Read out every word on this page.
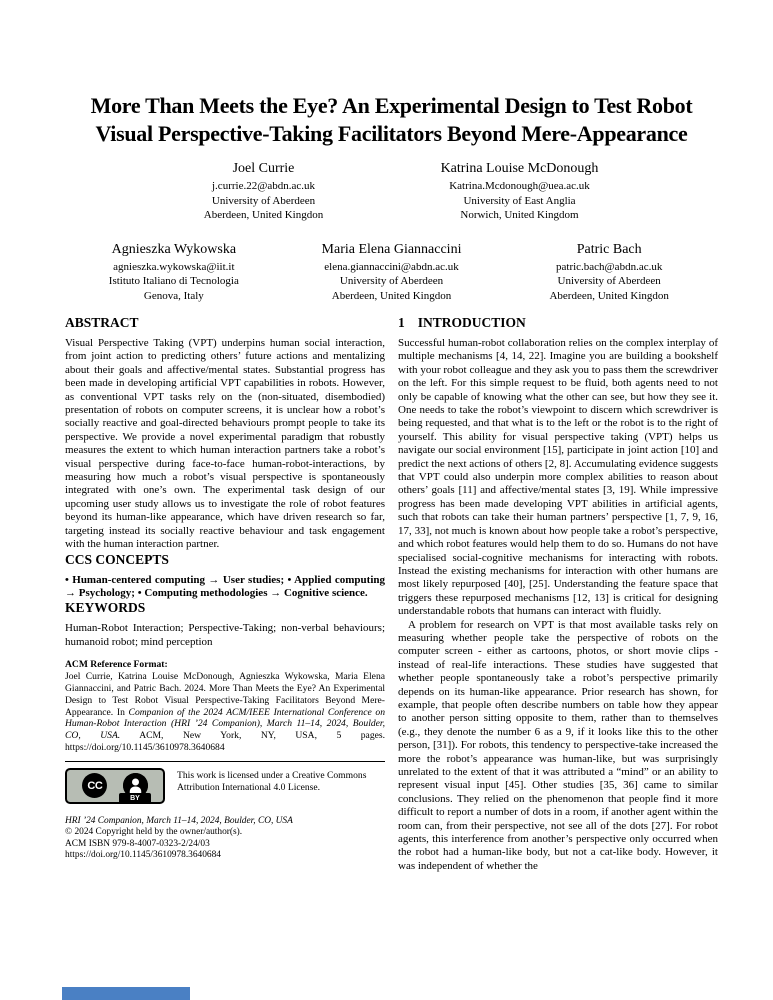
More Than Meets the Eye? An Experimental Design to Test Robot
Visual Perspective-Taking Facilitators Beyond Mere-Appearance
Joel Currie
j.currie.22@abdn.ac.uk
University of Aberdeen
Aberdeen, United Kingdon
Katrina Louise McDonough
Katrina.Mcdonough@uea.ac.uk
University of East Anglia
Norwich, United Kingdom
Agnieszka Wykowska
agnieszka.wykowska@iit.it
Istituto Italiano di Tecnologia
Genova, Italy
Maria Elena Giannaccini
elena.giannaccini@abdn.ac.uk
University of Aberdeen
Aberdeen, United Kingdon
Patric Bach
patric.bach@abdn.ac.uk
University of Aberdeen
Aberdeen, United Kingdon
ABSTRACT

Visual Perspective Taking (VPT) underpins human social interaction, from joint action to predicting others’ future actions and mentalizing about their goals and affective/mental states. Substantial progress has been made in developing artificial VPT capabilities in robots. However, as conventional VPT tasks rely on the (non-situated, disembodied) presentation of robots on computer screens, it is unclear how a robot’s socially reactive and goal-directed behaviours prompt people to take its perspective. We provide a novel experimental paradigm that robustly measures the extent to which human interaction partners take a robot’s visual perspective during face-to-face human-robot-interactions, by measuring how much a robot’s visual perspective is spontaneously integrated with one’s own. The experimental task design of our upcoming user study allows us to investigate the role of robot features beyond its human-like appearance, which have driven research so far, targeting instead its socially reactive behaviour and task engagement with the human interaction partner.

CCS CONCEPTS

• Human-centered computing → User studies; • Applied computing → Psychology; • Computing methodologies → Cognitive science.

KEYWORDS

Human-Robot Interaction; Perspective-Taking; non-verbal behaviours; humanoid robot; mind perception

ACM Reference Format:

Joel Currie, Katrina Louise McDonough, Agnieszka Wykowska, Maria Elena Giannaccini, and Patric Bach. 2024. More Than Meets the Eye? An Experimental Design to Test Robot Visual Perspective-Taking Facilitators Beyond Mere-Appearance. In Companion of the 2024 ACM/IEEE International Conference on Human-Robot Interaction (HRI ’24 Companion), March 11–14, 2024, Boulder, CO, USA. ACM, New York, NY, USA, 5 pages. https://doi.org/10.1145/3610978.3640684

CC
BY

This work is licensed under a Creative Commons Attribution International 4.0 License.

HRI ’24 Companion, March 11–14, 2024, Boulder, CO, USA
© 2024 Copyright held by the owner/author(s).
ACM ISBN 979-8-4007-0323-2/24/03
https://doi.org/10.1145/3610978.3640684
1 INTRODUCTION

Successful human-robot collaboration relies on the complex interplay of multiple mechanisms [4, 14, 22]. Imagine you are building a bookshelf with your robot colleague and they ask you to pass them the screwdriver on the left. For this simple request to be fluid, both agents need to not only be capable of knowing what the other can see, but how they see it. One needs to take the robot’s viewpoint to discern which screwdriver is being requested, and that what is to the left or the robot is to the right of yourself. This ability for visual perspective taking (VPT) helps us navigate our social environment [15], participate in joint action [10] and predict the next actions of others [2, 8]. Accumulating evidence suggests that VPT could also underpin more complex abilities to reason about others’ goals [11] and affective/mental states [3, 19]. While impressive progress has been made developing VPT abilities in artificial agents, such that robots can take their human partners’ perspective [1, 7, 9, 16, 17, 33], not much is known about how people take a robot’s perspective, and which robot features would help them to do so. Humans do not have specialised social-cognitive mechanisms for interacting with robots. Instead the existing mechanisms for interaction with other humans are most likely repurposed [40], [25]. Understanding the feature space that triggers these repurposed mechanisms [12, 13] is critical for designing understandable robots that humans can interact with fluidly.

A problem for research on VPT is that most available tasks rely on measuring whether people take the perspective of robots on the computer screen - either as cartoons, photos, or short movie clips - instead of real-life interactions. These studies have suggested that whether people spontaneously take a robot’s perspective primarily depends on its human-like appearance. Prior research has shown, for example, that people often describe numbers on table how they appear to another person sitting opposite to them, rather than to themselves (e.g., they denote the number 6 as a 9, if it looks like this to the other person, [31]). For robots, this tendency to perspective-take increased the more the robot’s appearance was human-like, but was surprisingly unrelated to the extent of that it was attributed a “mind” or an ability to represent visual input [45]. Other studies [35, 36] came to similar conclusions. They relied on the phenomenon that people find it more difficult to report a number of dots in a room, if another agent within the room can, from their perspective, not see all of the dots [27]. For robot agents, this interference from another’s perspective only occurred when the robot had a human-like body, but not a cat-like body. However, it was independent of whether the
